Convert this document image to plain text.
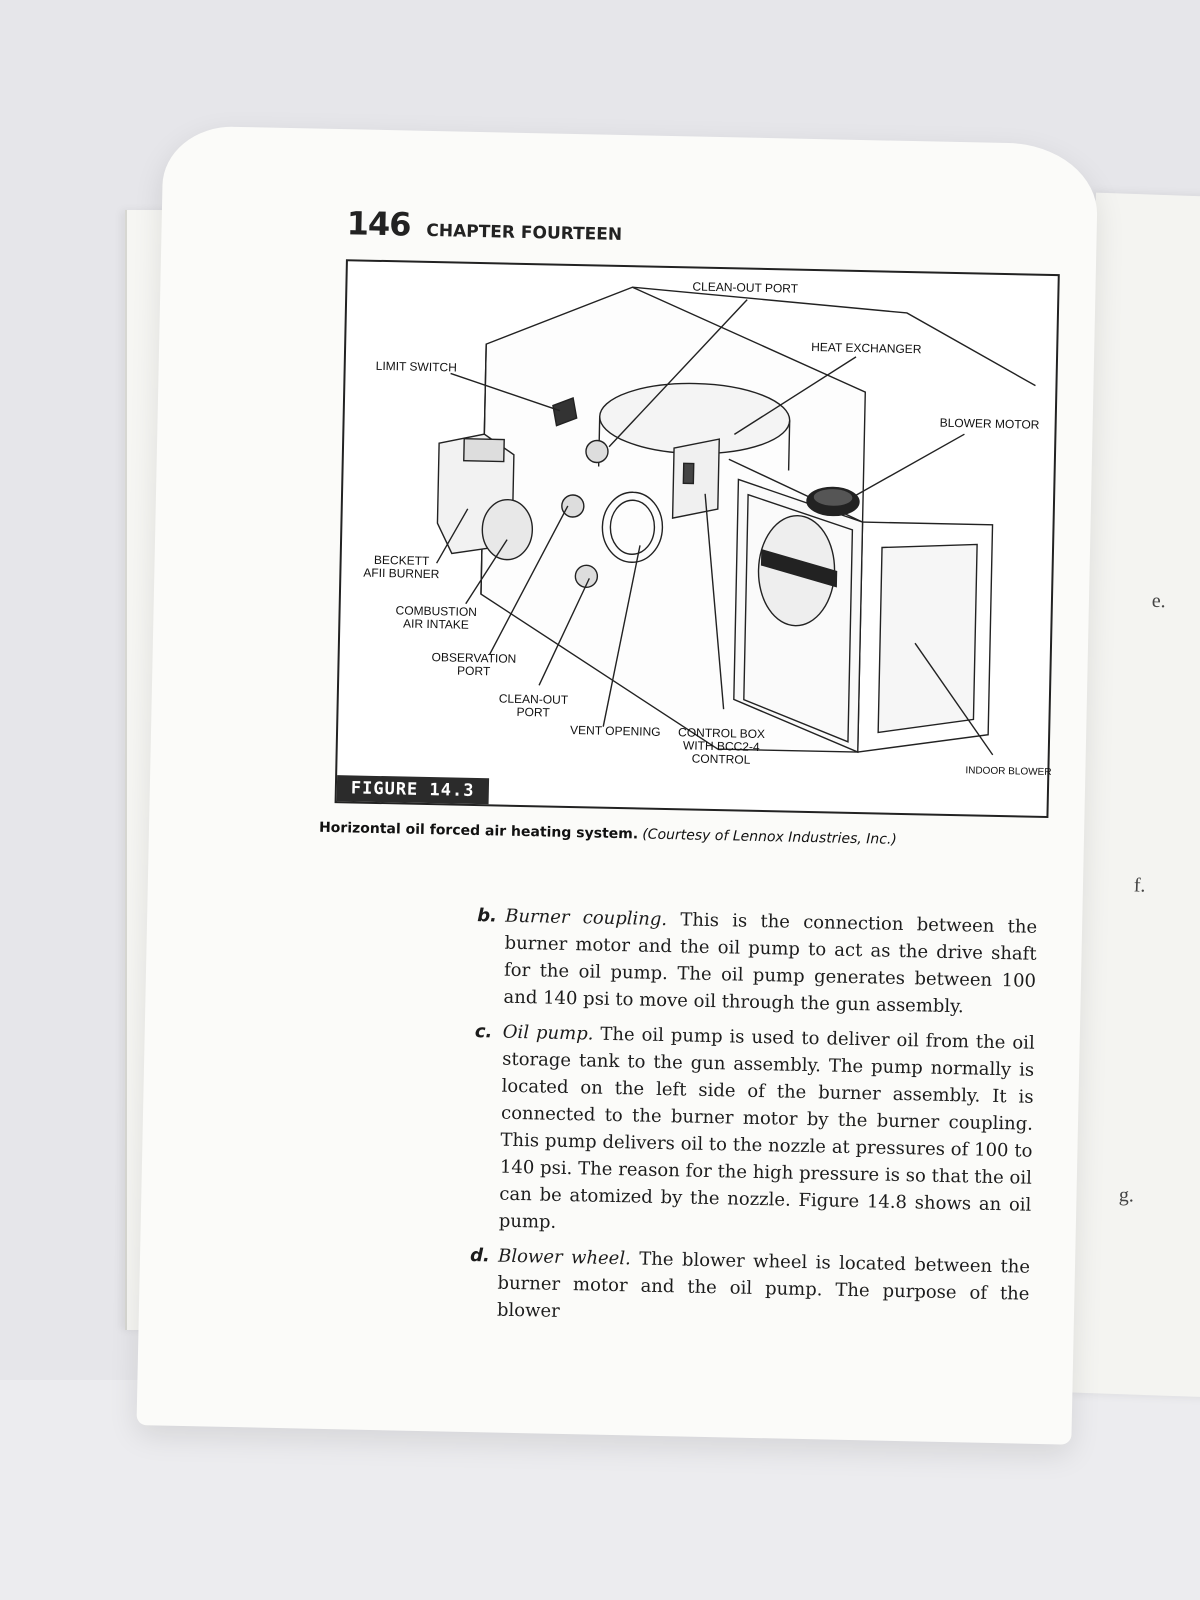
e.
f.
g.
146 CHAPTER FOURTEEN
CLEAN-OUT PORT
HEAT EXCHANGER
LIMIT SWITCH
BLOWER MOTOR
BECKETT
AFII BURNER
COMBUSTION
AIR INTAKE
OBSERVATION
PORT
CLEAN-OUT
PORT
VENT OPENING CONTROL BOX
WITH BCC2-4
CONTROL
INDOOR BLOWER
FIGURE 14.3
Horizontal oil forced air heating system. (Courtesy of Lennox Industries, Inc.)
b. Burner coupling. This is the connection between the burner motor and the oil pump to act as the drive shaft for the oil pump. The oil pump generates between 100 and 140 psi to move oil through the gun assembly.
c. Oil pump. The oil pump is used to deliver oil from the oil storage tank to the gun assembly. The pump normally is located on the left side of the burner assembly. It is connected to the burner motor by the burner coupling. This pump delivers oil to the nozzle at pressures of 100 to 140 psi. The reason for the high pressure is so that the oil can be atomized by the nozzle. Figure 14.8 shows an oil pump.
d. Blower wheel. The blower wheel is located between the burner motor and the oil pump. The purpose of the blower
